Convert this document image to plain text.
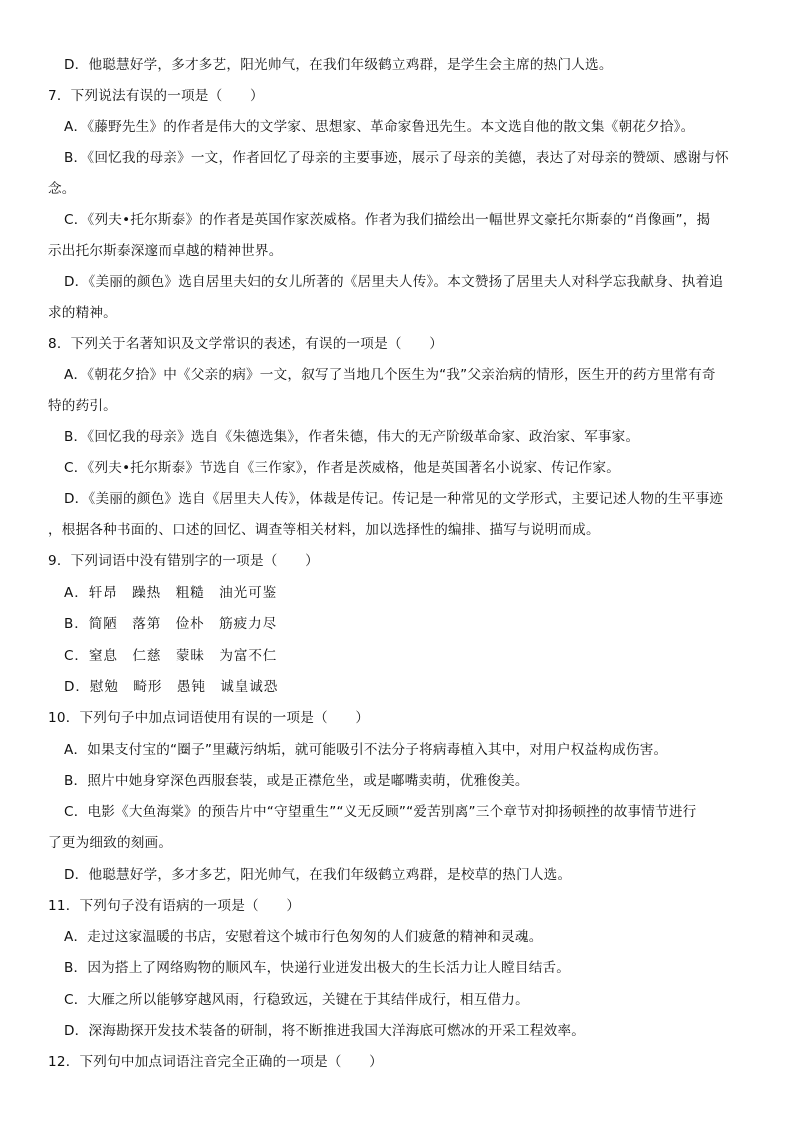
D．他聪慧好学，多才多艺，阳光帅气，在我们年级鹤立鸡群，是学生会主席的热门人选。
7．下列说法有误的一项是（　　）
A．《藤野先生》的作者是伟大的文学家、思想家、革命家鲁迅先生。本文选自他的散文集《朝花夕拾》。
B．《回忆我的母亲》一文，作者回忆了母亲的主要事迹，展示了母亲的美德，表达了对母亲的赞颂、感谢与怀
念。
C．《列夫•托尔斯泰》的作者是英国作家茨威格。作者为我们描绘出一幅世界文豪托尔斯泰的“肖像画”，揭
示出托尔斯泰深邃而卓越的精神世界。
D．《美丽的颜色》选自居里夫妇的女儿所著的《居里夫人传》。本文赞扬了居里夫人对科学忘我献身、执着追
求的精神。
8．下列关于名著知识及文学常识的表述，有误的一项是（　　）
A．《朝花夕拾》中《父亲的病》一文，叙写了当地几个医生为“我”父亲治病的情形，医生开的药方里常有奇
特的药引。
B．《回忆我的母亲》选自《朱德选集》，作者朱德，伟大的无产阶级革命家、政治家、军事家。
C．《列夫•托尔斯泰》节选自《三作家》，作者是茨威格，他是英国著名小说家、传记作家。
D．《美丽的颜色》选自《居里夫人传》，体裁是传记。传记是一种常见的文学形式，主要记述人物的生平事迹
，根据各种书面的、口述的回忆、调查等相关材料，加以选择性的编排、描写与说明而成。
9．下列词语中没有错别字的一项是（　　）
A．轩昂　躁热　粗糙　油光可鉴
B．简陋　落第　俭朴　筋疲力尽
C．窒息　仁慈　蒙昧　为富不仁
D．慰勉　畸形　愚钝　诚皇诚恐
10．下列句子中加点词语使用有误的一项是（　　）
A．如果支付宝的“圈子”里藏污纳垢，就可能吸引不法分子将病毒植入其中，对用户权益构成伤害。
B．照片中她身穿深色西服套装，或是正襟危坐，或是嘟嘴卖萌，优雅俊美。
C．电影《大鱼海棠》的预告片中“守望重生”“义无反顾”“爱苦别离”三个章节对抑扬顿挫的故事情节进行
了更为细致的刻画。
D．他聪慧好学，多才多艺，阳光帅气，在我们年级鹤立鸡群，是校草的热门人选。
11．下列句子没有语病的一项是（　　）
A．走过这家温暖的书店，安慰着这个城市行色匆匆的人们疲惫的精神和灵魂。
B．因为搭上了网络购物的顺风车，快递行业迸发出极大的生长活力让人瞠目结舌。
C．大雁之所以能够穿越风雨，行稳致远，关键在于其结伴成行，相互借力。
D．深海勘探开发技术装备的研制，将不断推进我国大洋海底可燃冰的开采工程效率。
12．下列句中加点词语注音完全正确的一项是（　　）
